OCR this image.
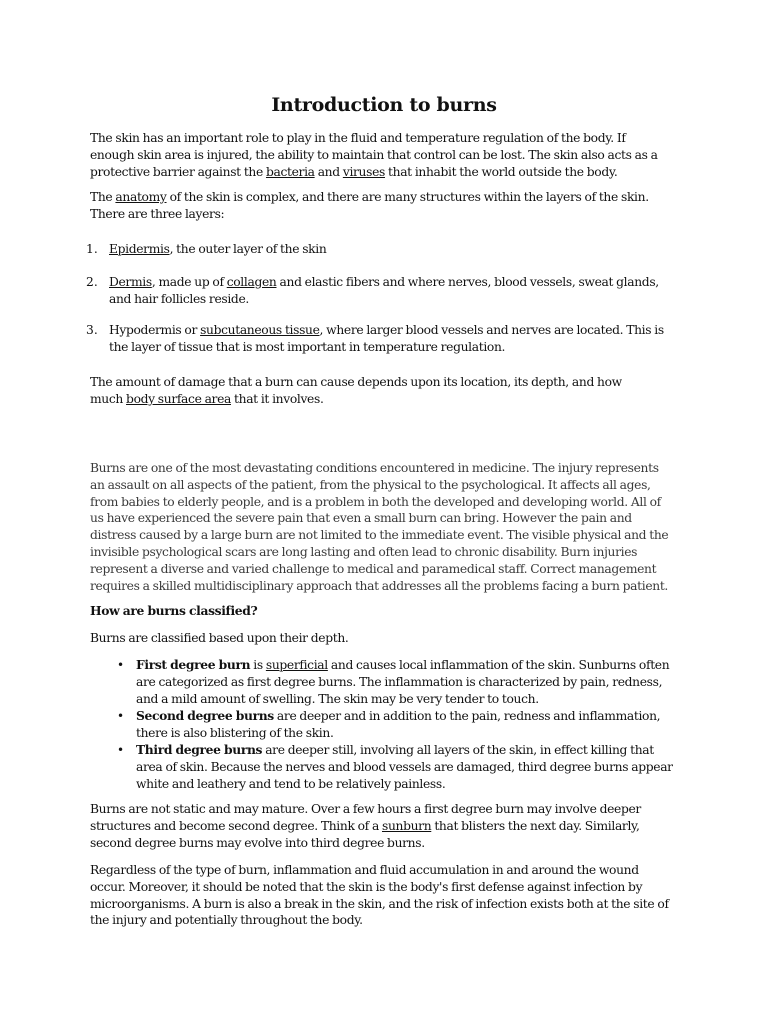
Introduction to burns
The skin has an important role to play in the fluid and temperature regulation of the body. If
enough skin area is injured, the ability to maintain that control can be lost. The skin also acts as a
protective barrier against the bacteria and viruses that inhabit the world outside the body.
The anatomy of the skin is complex, and there are many structures within the layers of the skin.
There are three layers:
1. Epidermis, the outer layer of the skin
2. Dermis, made up of collagen and elastic fibers and where nerves, blood vessels, sweat glands,
and hair follicles reside.
3. Hypodermis or subcutaneous tissue, where larger blood vessels and nerves are located. This is
the layer of tissue that is most important in temperature regulation.
The amount of damage that a burn can cause depends upon its location, its depth, and how
much body surface area that it involves.
Burns are one of the most devastating conditions encountered in medicine. The injury represents
an assault on all aspects of the patient, from the physical to the psychological. It affects all ages,
from babies to elderly people, and is a problem in both the developed and developing world. All of
us have experienced the severe pain that even a small burn can bring. However the pain and
distress caused by a large burn are not limited to the immediate event. The visible physical and the
invisible psychological scars are long lasting and often lead to chronic disability. Burn injuries
represent a diverse and varied challenge to medical and paramedical staff. Correct management
requires a skilled multidisciplinary approach that addresses all the problems facing a burn patient.
How are burns classified?
Burns are classified based upon their depth.
• First degree burn is superficial and causes local inflammation of the skin. Sunburns often
are categorized as first degree burns. The inflammation is characterized by pain, redness,
and a mild amount of swelling. The skin may be very tender to touch.
• Second degree burns are deeper and in addition to the pain, redness and inflammation,
there is also blistering of the skin.
• Third degree burns are deeper still, involving all layers of the skin, in effect killing that
area of skin. Because the nerves and blood vessels are damaged, third degree burns appear
white and leathery and tend to be relatively painless.
Burns are not static and may mature. Over a few hours a first degree burn may involve deeper
structures and become second degree. Think of a sunburn that blisters the next day. Similarly,
second degree burns may evolve into third degree burns.
Regardless of the type of burn, inflammation and fluid accumulation in and around the wound
occur. Moreover, it should be noted that the skin is the body's first defense against infection by
microorganisms. A burn is also a break in the skin, and the risk of infection exists both at the site of
the injury and potentially throughout the body.
